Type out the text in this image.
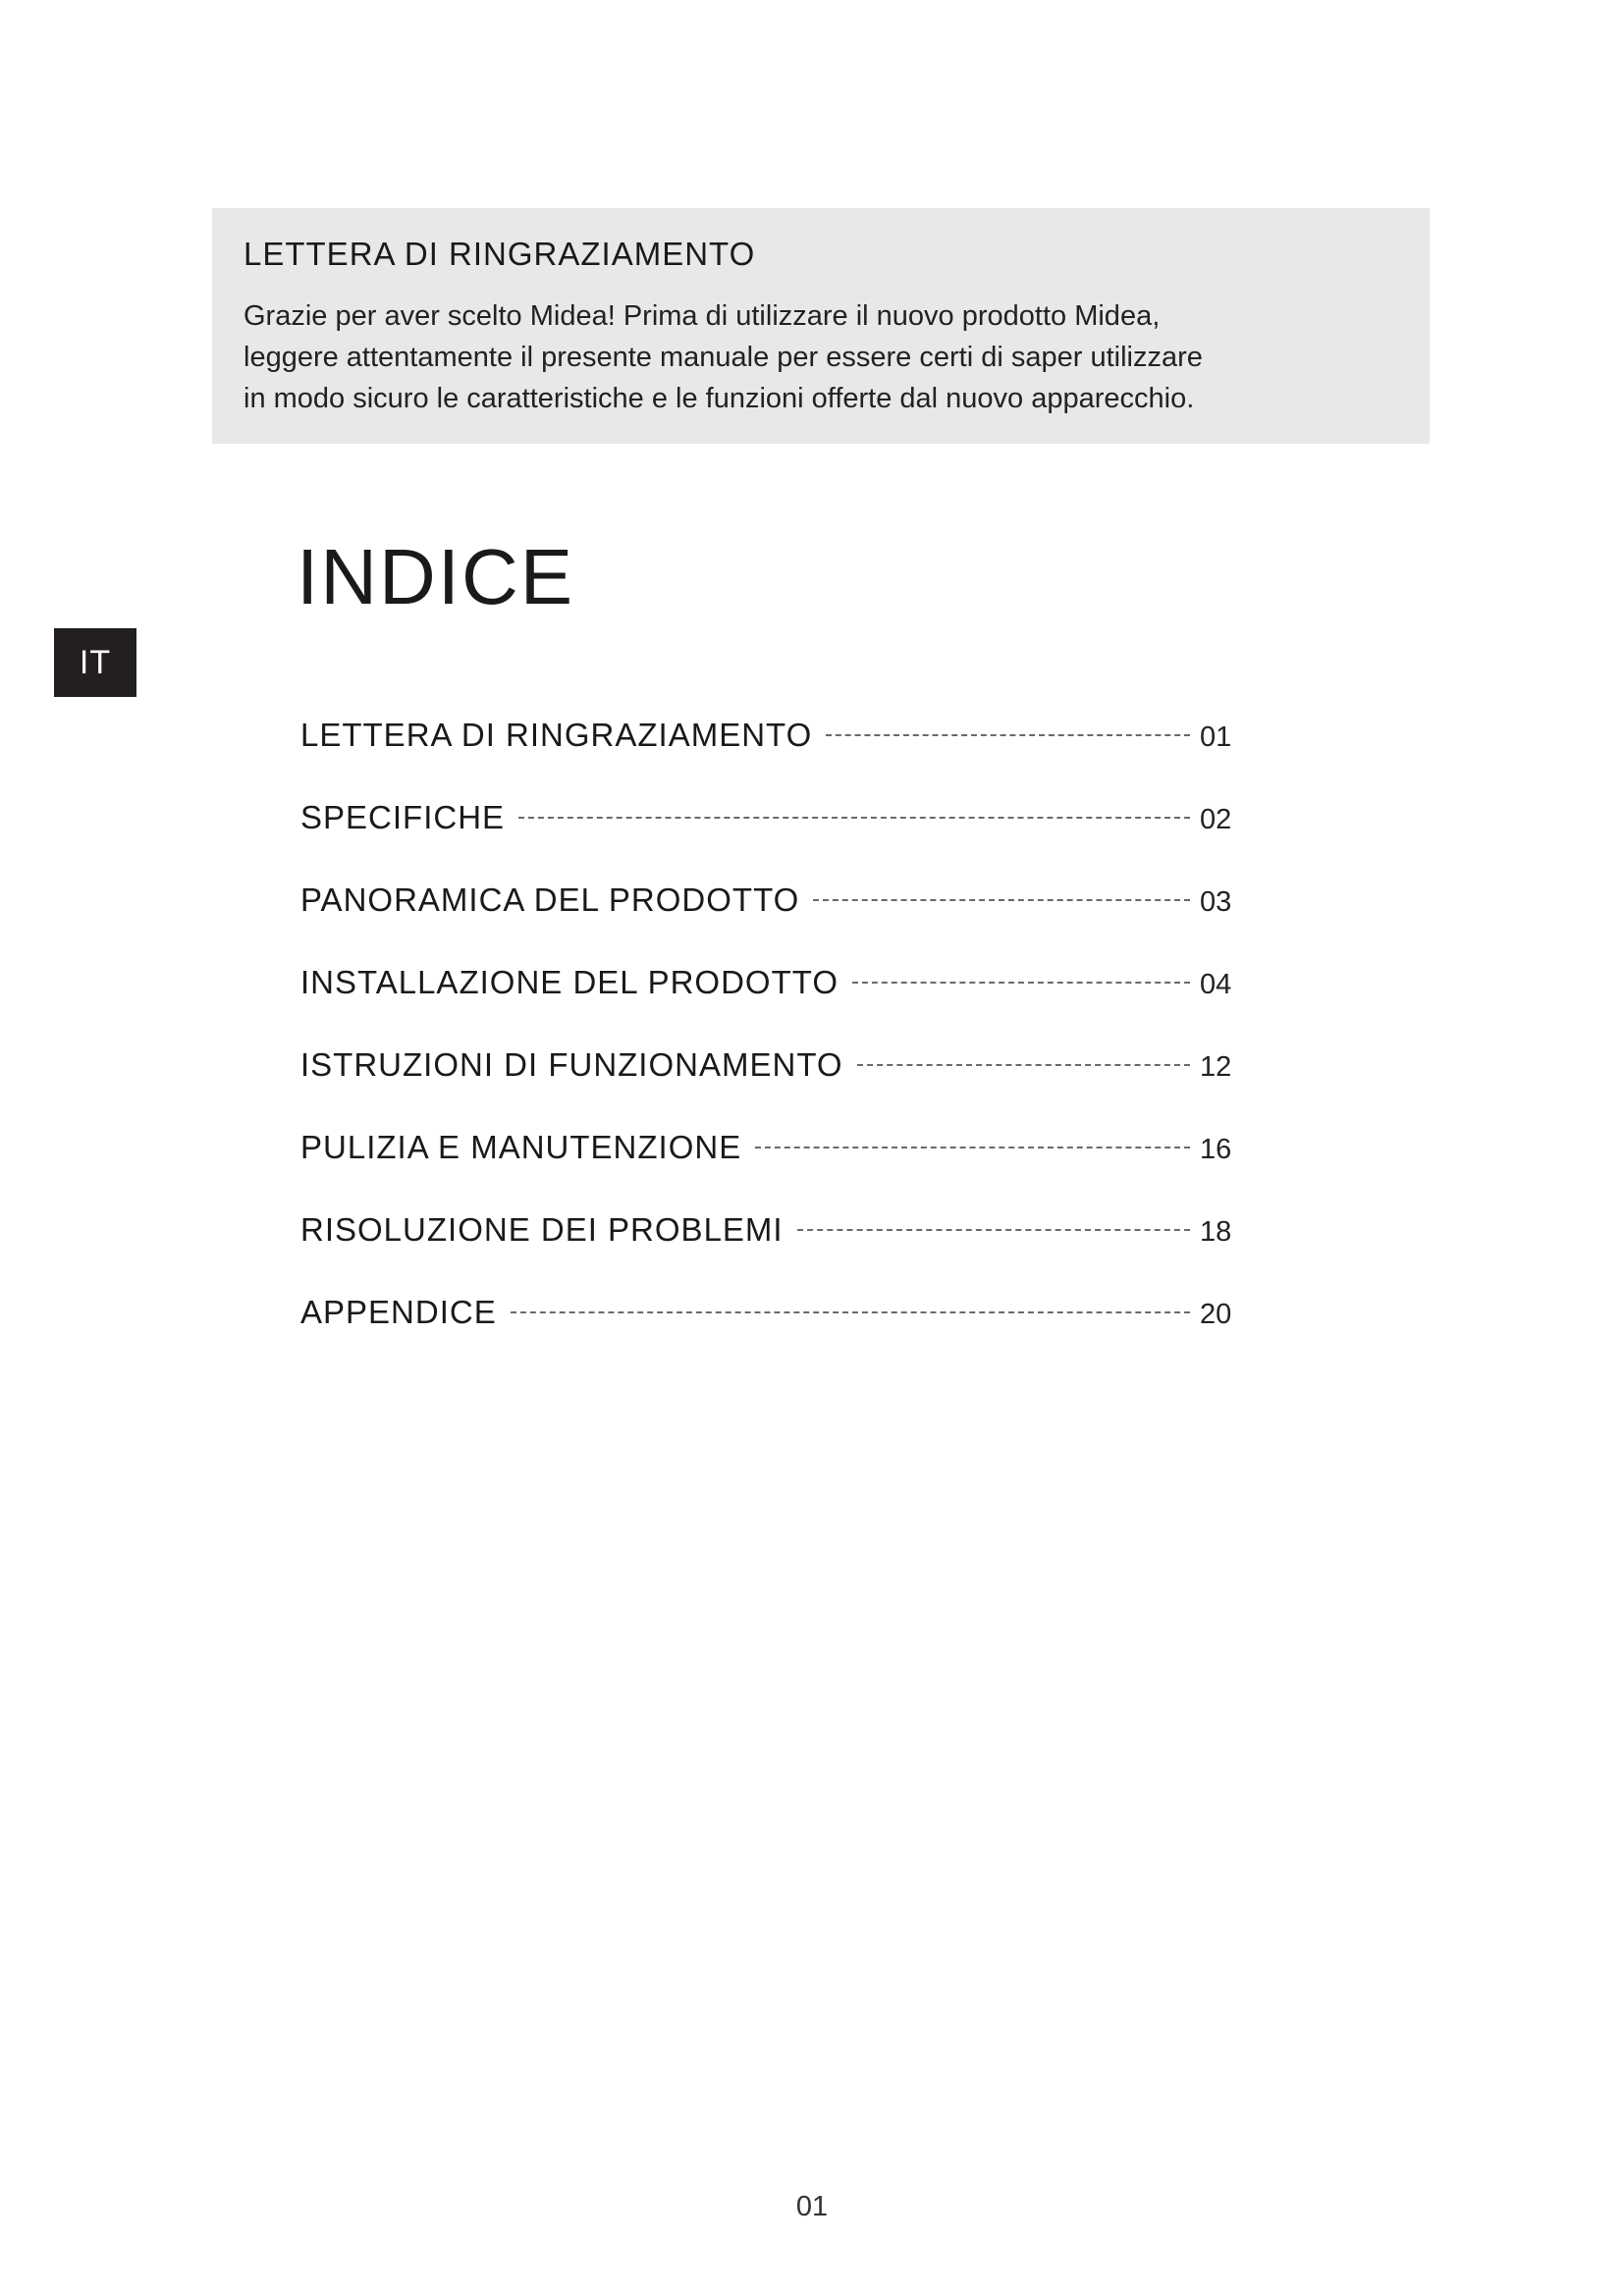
LETTERA DI RINGRAZIAMENTO

Grazie per aver scelto Midea! Prima di utilizzare il nuovo prodotto Midea,
leggere attentamente il presente manuale per essere certi di saper utilizzare
in modo sicuro le caratteristiche e le funzioni offerte dal nuovo apparecchio.

INDICE
IT
LETTERA DI RINGRAZIAMENTO	01
SPECIFICHE	02
PANORAMICA DEL PRODOTTO	03
INSTALLAZIONE DEL PRODOTTO	04
ISTRUZIONI DI FUNZIONAMENTO	12
PULIZIA E MANUTENZIONE	16
RISOLUZIONE DEI PROBLEMI	18
APPENDICE	20
01
